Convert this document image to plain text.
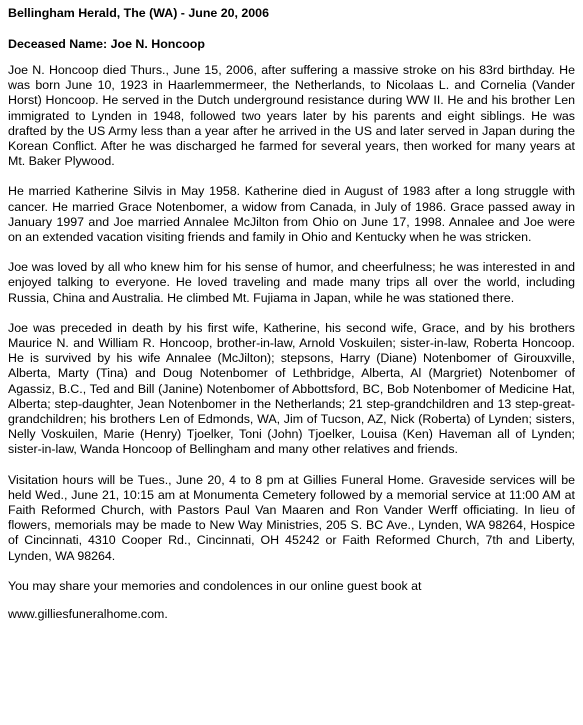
Bellingham Herald, The (WA) - June 20, 2006

Deceased Name: Joe N. Honcoop

Joe N. Honcoop died Thurs., June 15, 2006, after suffering a massive stroke on his 83rd birthday. He was born June 10, 1923 in Haarlemmermeer, the Netherlands, to Nicolaas L. and Cornelia (Vander Horst) Honcoop. He served in the Dutch underground resistance during WW II. He and his brother Len immigrated to Lynden in 1948, followed two years later by his parents and eight siblings. He was drafted by the US Army less than a year after he arrived in the US and later served in Japan during the Korean Conflict. After he was discharged he farmed for several years, then worked for many years at Mt. Baker Plywood.

He married Katherine Silvis in May 1958. Katherine died in August of 1983 after a long struggle with cancer. He married Grace Notenbomer, a widow from Canada, in July of 1986. Grace passed away in January 1997 and Joe married Annalee McJilton from Ohio on June 17, 1998. Annalee and Joe were on an extended vacation visiting friends and family in Ohio and Kentucky when he was stricken.

Joe was loved by all who knew him for his sense of humor, and cheerfulness; he was interested in and enjoyed talking to everyone. He loved traveling and made many trips all over the world, including Russia, China and Australia. He climbed Mt. Fujiama in Japan, while he was stationed there.

Joe was preceded in death by his first wife, Katherine, his second wife, Grace, and by his brothers Maurice N. and William R. Honcoop, brother-in-law, Arnold Voskuilen; sister-in-law, Roberta Honcoop. He is survived by his wife Annalee (McJilton); stepsons, Harry (Diane) Notenbomer of Girouxville, Alberta, Marty (Tina) and Doug Notenbomer of Lethbridge, Alberta, Al (Margriet) Notenbomer of Agassiz, B.C., Ted and Bill (Janine) Notenbomer of Abbottsford, BC, Bob Notenbomer of Medicine Hat, Alberta; step-daughter, Jean Notenbomer in the Netherlands; 21 step-grandchildren and 13 step-great-grandchildren; his brothers Len of Edmonds, WA, Jim of Tucson, AZ, Nick (Roberta) of Lynden; sisters, Nelly Voskuilen, Marie (Henry) Tjoelker, Toni (John) Tjoelker, Louisa (Ken) Haveman all of Lynden; sister-in-law, Wanda Honcoop of Bellingham and many other relatives and friends.

Visitation hours will be Tues., June 20, 4 to 8 pm at Gillies Funeral Home. Graveside services will be held Wed., June 21, 10:15 am at Monumenta Cemetery followed by a memorial service at 11:00 AM at Faith Reformed Church, with Pastors Paul Van Maaren and Ron Vander Werff officiating. In lieu of flowers, memorials may be made to New Way Ministries, 205 S. BC Ave., Lynden, WA 98264, Hospice of Cincinnati, 4310 Cooper Rd., Cincinnati, OH 45242 or Faith Reformed Church, 7th and Liberty, Lynden, WA 98264.

You may share your memories and condolences in our online guest book at

www.gilliesfuneralhome.com.
